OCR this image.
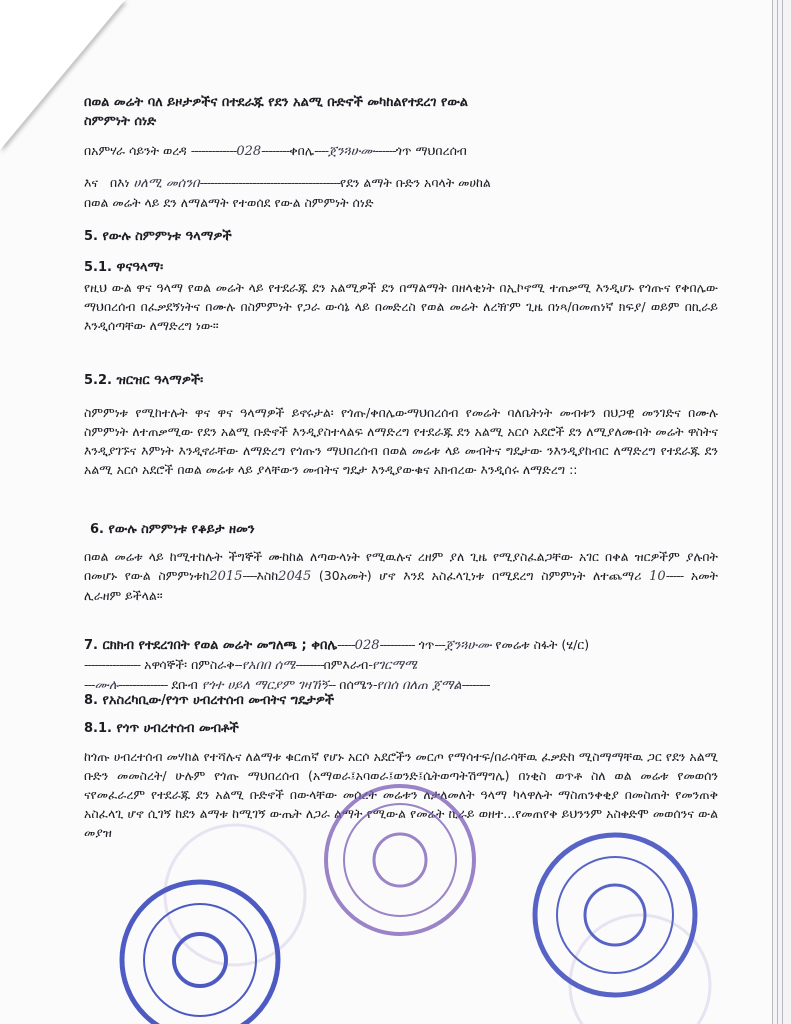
በወል መሬት ባለ ይዞታዎችና በተደራጁ የደን አልሚ ቡድኖች መካከልየተደረገ የውል
ስምምነት ሰነድ
በአምሃራ ሳይንት ወረዳ -------------028--------ቀበሌ----ጀንጓሁሙ------ጎጥ ማህበረሰብ
እና በእነ ሀለሚ መሰንበ----------------------------------------የደን ልማት ቡድን አባላት መሀከል
በወል መሬት ላይ ደን ለማልማት የተወሰደ የውል ስምምነት ሰነድ
5. የውሉ ስምምነቱ ዓላማዎች
5.1. ዋናዓላማ፡
የዚህ ውል ዋና ዓላማ የወል መሬት ላይ የተደራጁ ደን አልሚዎች ደን በማልማት በዘላቂነት በኢኮኖሚ ተጠቃሚ እንዲሆኑ የጎጡና የቀበሌው ማህበረሰብ በፈቃደኝነትና በሙሉ በስምምነት የጋራ ውሳኔ ላይ በመድረስ የወል መሬት ለረዥም ጊዜ በነጻ/በመጠነኛ ክፍያ/ ወይም በኪራይ እንዲሰጣቸው ለማድረግ ነው፡፡
5.2. ዝርዝር ዓላማዎች፡
ስምምነቱ የሚከተሉት ዋና ዋና ዓላማዎች ይኖሩታል፡ የጎጡ/ቀበሌውማህበረሰብ የመሬት ባለቤትነት መብቱን በህጋዊ መንገድና በሙሉ ስምምነት ለተጠቃሚው የደን አልሚ ቡድኖች እንዲያስተላልፍ ለማድረግ የተደራጁ ደን አልሚ አርሶ አደሮች ደን ለሚያለሙበት መሬት ዋስትና እንዲያገኙና እምነት እንዲኖራቸው ለማድረግ የጎጡን ማህበረሰብ በወል መሬቱ ላይ መብትና ግዴታው ንእንዲያከብር ለማድረግ የተደራጁ ደን አልሚ አርሶ አደሮች በወል መሬቱ ላይ ያላቸውን መብትና ግዴታ እንዲያውቁና አክብረው እንዲሰሩ ለማድረግ ::
6. የውሉ ስምምነቱ የቆይታ ዘመን
በወል መሬቱ ላይ ከሚተከሉት ችግኞች ሙከከል ለጣውላነት የሚዉሉና ረዘም ያለ ጊዜ የሚያስፈልጋቸው አገር በቀል ዝርዎችም ያሉበት በመሆኑ የውል ስምምነቱከ2015----እስከ2045 (30አመት) ሆኖ እንደ አስፈላጊነቱ በሚደረግ ስምምነት ለተጨማሪ 10----- አመት ሊራዘም ይችላል፡፡
7. ርክክብ የተደረገበት የወል መሬት መግለጫ ; ቀበሌ-----028---------- ጎጥ---ጀንጓሁሙ የመሬቱ ስፋት (ሄ/ር)
---------------- አዋሳኞች፡ በምስራቅ--የአበበ ሰሜ--------በምእራብ-የገርማሜ
---ሙሉ-------------- ደቡብ የጎተ ሀይለ ማርያም ገዛኸኝ-- በሰሜን-የበሰ በለጠ ጀማል--------
8. የአስረካቢው/የጎጥ ሀብረተሰብ መብትና ግዴታዎች
8.1. የጎጥ ሀብረተሰብ መብቶች
ከጎጡ ሀብረተሰብ መሃከል የተሻሉና ለልማቱ ቁርጠኛ የሆኑ አርሶ አደሮችን መርጦ የማሳተፍ/በራሳቸዉ ፈቃድከ ሚስማማቸዉ ጋር የደን አልሚ ቡድን መመስረት/ ሁሉም የጎጡ ማህበረሰብ (አማወራ፤አባወራ፤ወንድ፤ሴትወጣትሽማግሌ) በነቂስ ወጥቶ ስለ ወል መሬቱ የመወሰን ናየመፈራረም የተደራጁ ደን አልሚ ቡድኖች በውላቸው መሰረት መሬቱን ለታለመለት ዓላማ ካላዋሉት ማስጠንቀቂያ በመስጠት የመንጠቅ አስፈላጊ ሆኖ ሲገኝ ከደን ልማቱ ከሚገኝ ውጤት ለጋራ ልማት የሚውል የመሬት ኪራይ ወዘተ...የመጠየቅ ይህንንም አስቀድሞ መወሰንና ውል መያዝ
